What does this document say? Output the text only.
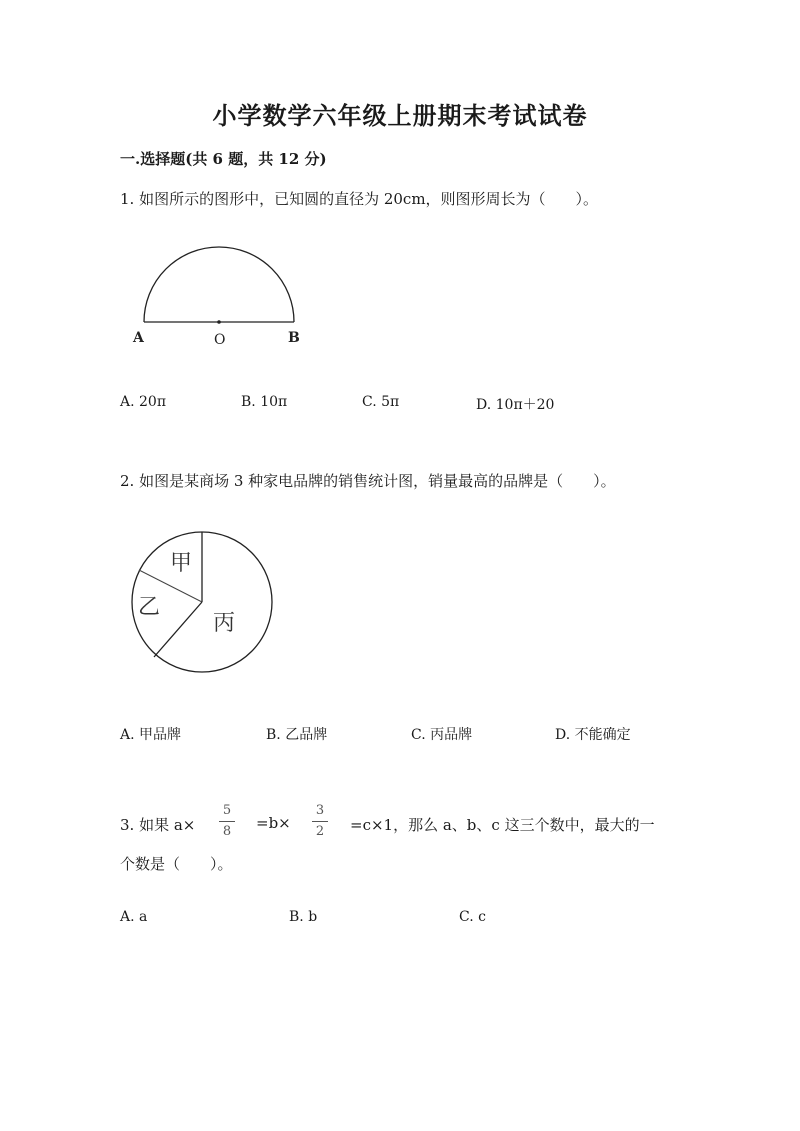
小学数学六年级上册期末考试试卷
一.选择题(共 6 题，共 12 分)
1. 如图所示的图形中，已知圆的直径为 20cm，则图形周长为（　　）。
A	O	B
A. 20π	B. 10π	C. 5π	D. 10π＋20
2. 如图是某商场 3 种家电品牌的销售统计图，销量最高的品牌是（　　）。
甲
乙
丙
A. 甲品牌	B. 乙品牌	C. 丙品牌	D. 不能确定
3. 如果 a×
5
8	=b×
3
2	=c×1，那么 a、b、c 这三个数中，最大的一
个数是（　　）。
A. a	B. b	C. c
